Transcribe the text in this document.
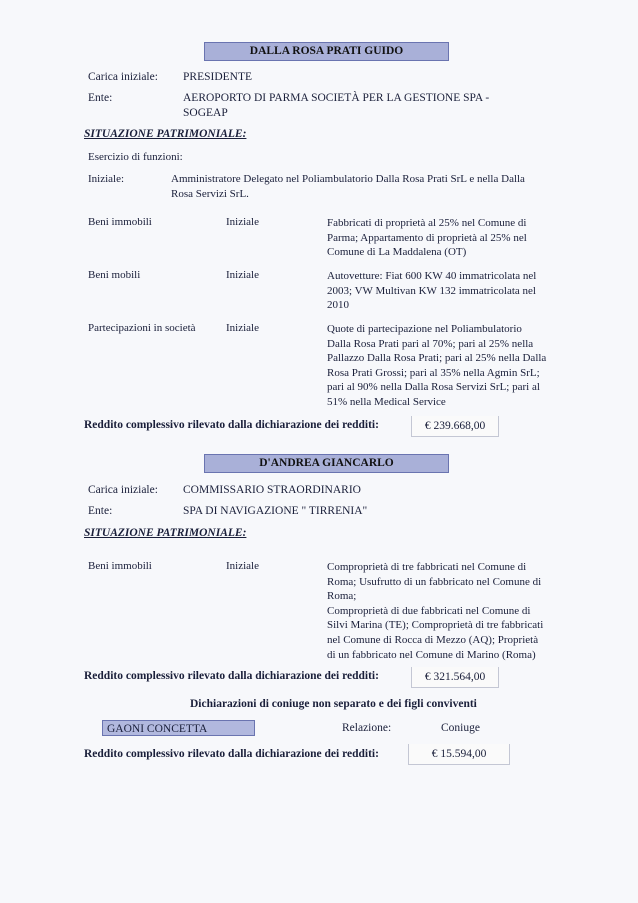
DALLA ROSA PRATI GUIDO
Carica iniziale: PRESIDENTE
Ente:	AEROPORTO DI PARMA SOCIETÀ PER LA GESTIONE SPA -
SOGEAP
SITUAZIONE PATRIMONIALE:
Esercizio di funzioni:
Iniziale:	Amministratore Delegato nel Poliambulatorio Dalla Rosa Prati SrL e nella Dalla
Rosa Servizi SrL.
Beni immobili	Iniziale	Fabbricati di proprietà al 25% nel Comune di
Parma; Appartamento di proprietà al 25% nel
Comune di La Maddalena (OT)
Beni mobili	Iniziale	Autovetture: Fiat 600 KW 40 immatricolata nel
2003; VW Multivan KW 132 immatricolata nel
2010
Partecipazioni in società	Iniziale	Quote di partecipazione nel Poliambulatorio
Dalla Rosa Prati pari al 70%; pari al 25% nella
Pallazzo Dalla Rosa Prati; pari al 25% nella Dalla
Rosa Prati Grossi; pari al 35% nella Agmin SrL;
pari al 90% nella Dalla Rosa Servizi SrL; pari al
51% nella Medical Service
Reddito complessivo rilevato dalla dichiarazione dei redditi:	€ 239.668,00
D'ANDREA GIANCARLO
Carica iniziale: COMMISSARIO STRAORDINARIO
Ente:	SPA DI NAVIGAZIONE " TIRRENIA"
SITUAZIONE PATRIMONIALE:
Beni immobili	Iniziale	Comproprietà di tre fabbricati nel Comune di
Roma; Usufrutto di un fabbricato nel Comune di
Roma;
Comproprietà di due fabbricati nel Comune di
Silvi Marina (TE); Comproprietà di tre fabbricati
nel Comune di Rocca di Mezzo (AQ); Proprietà
di un fabbricato nel Comune di Marino (Roma)
Reddito complessivo rilevato dalla dichiarazione dei redditi:	€ 321.564,00
Dichiarazioni di coniuge non separato e dei figli conviventi
GAONI CONCETTA	Relazione:	Coniuge
Reddito complessivo rilevato dalla dichiarazione dei redditi:	€ 15.594,00
